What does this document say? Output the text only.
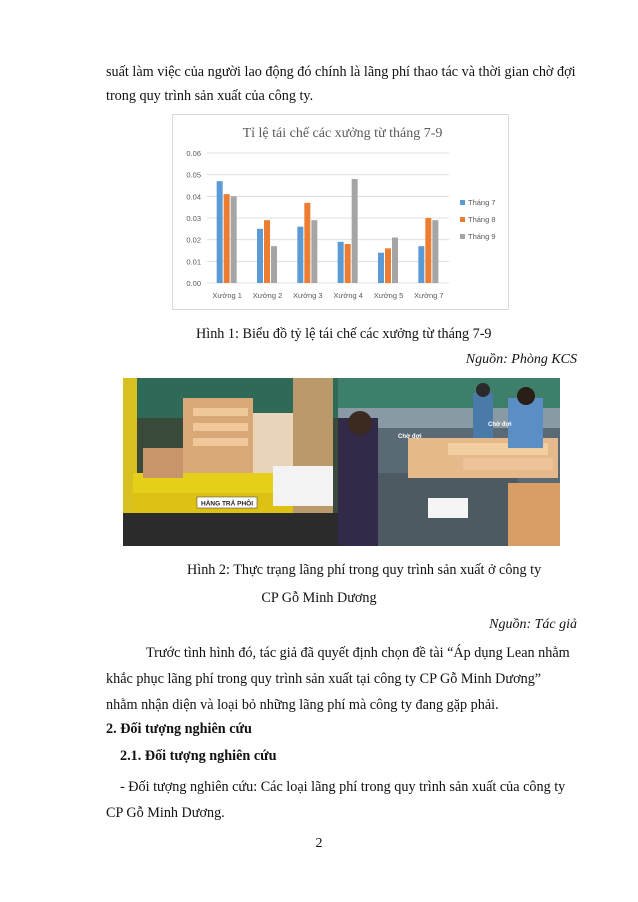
suất làm việc của người lao động đó chính là lãng phí thao tác và thời gian chờ đợi trong quy trình sản xuất của công ty.
Tỉ lệ tái chế các xưởng từ tháng 7-9
0.00
0.01
0.02
0.03
0.04
0.05
0.06
Xưởng 1 Xưởng 2 Xưởng 3 Xưởng 4 Xưởng 5 Xưởng 7
Tháng 7
Tháng 8
Tháng 9
Hình 1: Biểu đồ tỷ lệ tái chế các xưởng từ tháng 7-9
Nguồn: Phòng KCS
HÀNG TRẢ PHÔI
Chờ đợi
Chờ đợi
Hình 2: Thực trạng lãng phí trong quy trình sản xuất ở công ty
CP Gỗ Minh Dương
Nguồn: Tác giả
Trước tình hình đó, tác giả đã quyết định chọn đề tài “Áp dụng Lean nhằm khắc phục lãng phí trong quy trình sản xuất tại công ty CP Gỗ Minh Dương” nhằm nhận diện và loại bỏ những lãng phí mà công ty đang gặp phải.
2. Đối tượng nghiên cứu
2.1. Đối tượng nghiên cứu
- Đối tượng nghiên cứu: Các loại lãng phí trong quy trình sản xuất của công ty CP Gỗ Minh Dương.
2
